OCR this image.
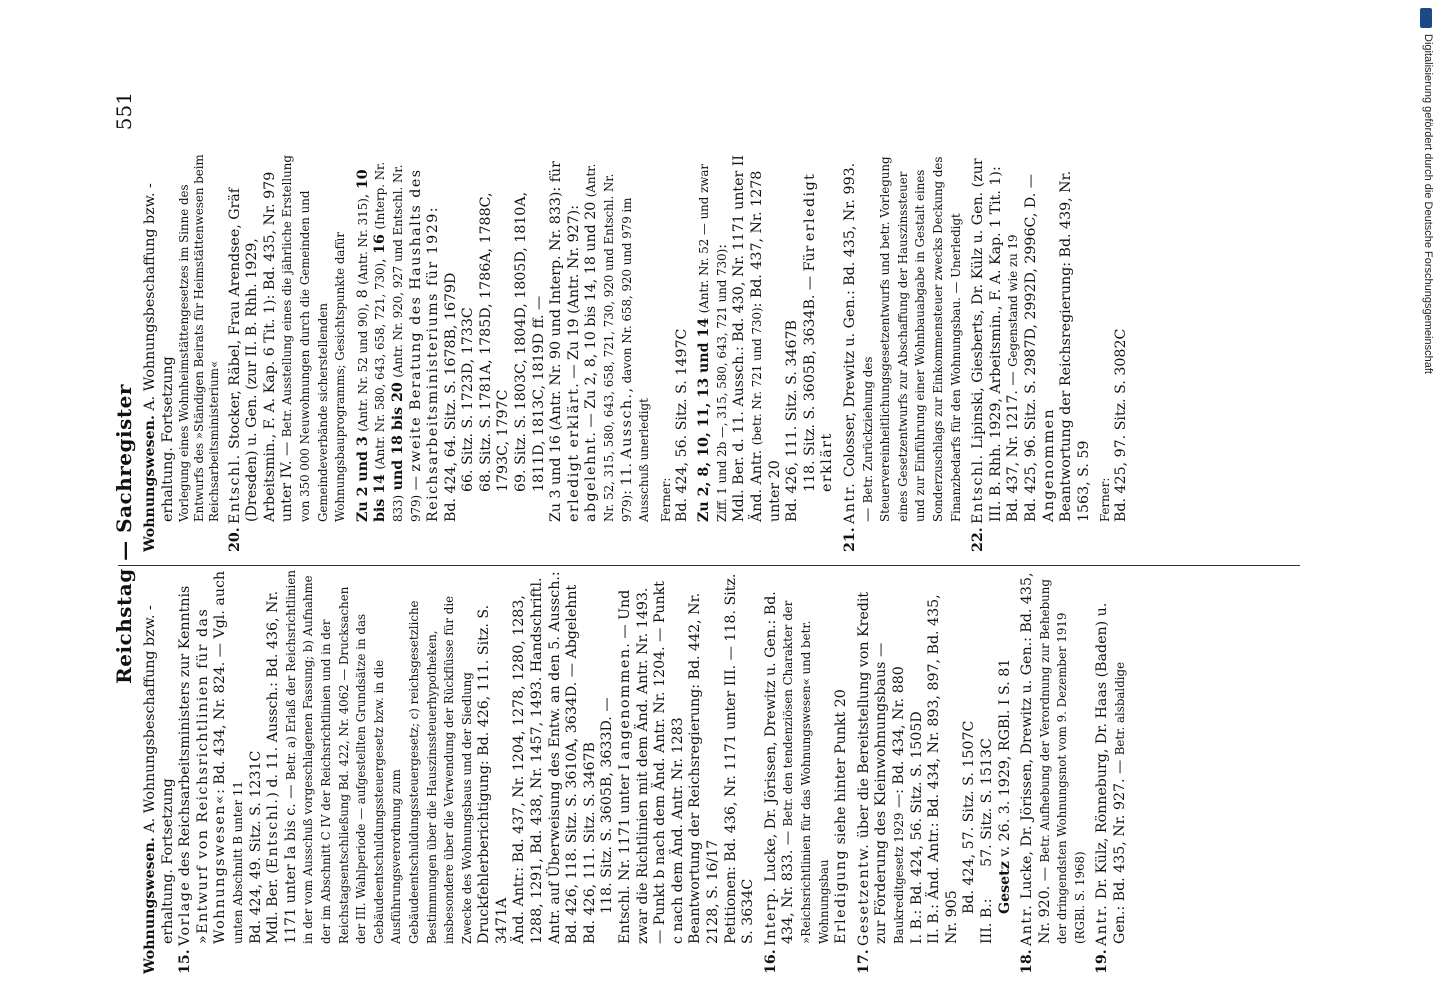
Reichstag — Sachregister
551

Wohnungswesen. A. Wohnungsbeschaffung bzw. -erhaltung. Fortsetzung

15.Vorlage des Reichsarbeitsministers zur Kenntnis »Entwurf von Reichsrichtlinien für das Wohnungswesen«: Bd. 434, Nr. 824. — Vgl. auch unten Abschnitt B unter 11 Bd. 424, 49. Sitz. S. 1231C Mdl. Ber. (Entschl.) d. 11. Aussch.: Bd. 436, Nr. 1171 unter Ia bis c. — Betr. a) Erlaß der Reichsrichtlinien in der vom Ausschuß vorgeschlagenen Fassung; b) Aufnahme der im Abschnitt C IV der Reichsrichtlinien und in der Reichstagsentschließung Bd. 422, Nr. 4062 — Drucksachen der III. Wahlperiode — aufgestellten Grundsätze in das Gebäudeentschuldungssteuergesetz bzw. in die Ausführungsverordnung zum Gebäudeentschuldungssteuergesetz; c) reichsgesetzliche Bestimmungen über die Hauszinssteuerhypotheken, insbesondere über die Verwendung der Rückflüsse für die Zwecke des Wohnungsbaus und der Siedlung Druckfehlerberichtigung: Bd. 426, 111. Sitz. S. 3471A Änd. Antr.: Bd. 437, Nr. 1204, 1278, 1280, 1283, 1288, 1291, Bd. 438, Nr. 1457, 1493. Handschriftl. Antr. auf Überweisung des Entw. an den 5. Aussch.: Bd. 426, 118. Sitz. S. 3610A, 3634D. — Abgelehnt Bd. 426, 111. Sitz. S. 3467B 118. Sitz. S. 3605B, 3633D. — Entschl. Nr. 1171 unter I angenommen. — Und zwar die Richtlinien mit dem Änd. Antr. Nr. 1493. — Punkt b nach dem Änd. Antr. Nr. 1204. — Punkt c nach dem Änd. Antr. Nr. 1283 Beantwortung der Reichsregierung: Bd. 442, Nr. 2128, S. 16/17 Petitionen: Bd. 436, Nr. 1171 unter III. — 118. Sitz. S. 3634C

16.Interp. Lucke, Dr. Jörissen, Drewitz u. Gen.: Bd. 434, Nr. 833. — Betr. den tendenziösen Charakter der »Reichsrichtlinien für das Wohnungswesen« und betr. Wohnungsbau Erledigung siehe hinter Punkt 20

17.Gesetzentw. über die Bereitstellung von Kredit zur Förderung des Kleinwohnungsbaus — Baukreditgesetz 1929 —: Bd. 434, Nr. 880 I. B.: Bd. 424, 56. Sitz. S. 1505D II. B.: Änd. Antr.: Bd. 434, Nr. 893, 897, Bd. 435, Nr. 905

Bd. 424, 57. Sitz. S. 1507C III. B.:       57. Sitz. S. 1513C Gesetz v. 26. 3. 1929, RGBl. I S. 81

18.Antr. Lucke, Dr. Jörissen, Drewitz u. Gen.: Bd. 435, Nr. 920. — Betr. Aufhebung der Verordnung zur Behebung der dringendsten Wohnungsnot vom 9. Dezember 1919 (RGBl. S. 1968)

19.Antr. Dr. Külz, Rönneburg, Dr. Haas (Baden) u. Gen.: Bd. 435, Nr. 927. — Betr. alsbaldige

Wohnungswesen. A. Wohnungsbeschaffung bzw. -erhaltung. Fortsetzung Vorlegung eines Wohnheimstättengesetzes im Sinne des Entwurfs des »Ständigen Beirats für Heimstättenwesen beim Reichsarbeitsministerium«

20.Entschl. Stocker, Räbel, Frau Arendsee, Gräf (Dresden) u. Gen. (zur II. B. Rhh. 1929, Arbeitsmin., F. A. Kap. 6 Tit. 1): Bd. 435, Nr. 979 unter IV. — Betr. Ausstellung eines die jährliche Erstellung von 350 000 Neuwohnungen durch die Gemeinden und Gemeindeverbände sicherstellenden Wohnungsbauprogramms; Gesichtspunkte dafür Zu 2 und 3 (Antr. Nr. 52 und 90), 8 (Antr. Nr. 315), 10 bis 14 (Antr. Nr. 580, 643, 658, 721, 730), 16 (Interp. Nr. 833) und 18 bis 20 (Antr. Nr. 920, 927 und Entschl. Nr. 979) — zweite Beratung des Haushalts des Reichsarbeitsministeriums für 1929:

Bd. 424, 64. Sitz. S. 1678B, 1679D 66. Sitz. S. 1723D, 1733C 68. Sitz. S. 1781A, 1785D, 1786A, 1788C, 1793C, 1797C 69. Sitz. S. 1803C, 1804D, 1805D, 1810A, 1811D, 1813C, 1819D ff. — Zu 3 und 16 (Antr. Nr. 90 und Interp. Nr. 833): für erledigt erklärt. — Zu 19 (Antr. Nr. 927): abgelehnt. — Zu 2, 8, 10 bis 14, 18 und 20 (Antr. Nr. 52, 315, 580, 643, 658, 721, 730, 920 und Entschl. Nr. 979): 11. Aussch., davon Nr. 658, 920 und 979 im Ausschuß unerledigt Ferner: Bd. 424, 56. Sitz. S. 1497C Zu 2, 8, 10, 11, 13 und 14 (Antr. Nr. 52 — und zwar Ziff. 1 und 2b —, 315, 580, 643, 721 und 730): Mdl. Ber. d. 11. Aussch.: Bd. 430, Nr. 1171 unter II Änd. Antr. (betr. Nr. 721 und 730): Bd. 437, Nr. 1278 unter 20 Bd. 426, 111. Sitz. S. 3467B 118. Sitz. S. 3605B, 3634B. — Für erledigt erklärt

21.Antr. Colosser, Drewitz u. Gen.: Bd. 435, Nr. 993. — Betr. Zurückziehung des Steuervereinheitlichungsgesetzentwurfs und betr. Vorlegung eines Gesetzentwurfs zur Abschaffung der Hauszinssteuer und zur Einführung einer Wohnbauabgabe in Gestalt eines Sonderzuschlags zur Einkommensteuer zwecks Deckung des Finanzbedarfs für den Wohnungsbau. — Unerledigt

22.Entschl. Lipinski, Giesberts, Dr. Külz u. Gen. (zur III. B. Rhh. 1929, Arbeitsmin., F. A. Kap. 1 Tit. 1): Bd. 437, Nr. 1217. — Gegenstand wie zu 19 Bd. 425, 96. Sitz. S. 2987D, 2992D, 2996C, D. — Angenommen Beantwortung der Reichsregierung: Bd. 439, Nr. 1563, S. 59 Ferner: Bd. 425, 97. Sitz. S. 3082C

Digitalisierung gefördert durch die Deutsche Forschungsgemeinschaft
